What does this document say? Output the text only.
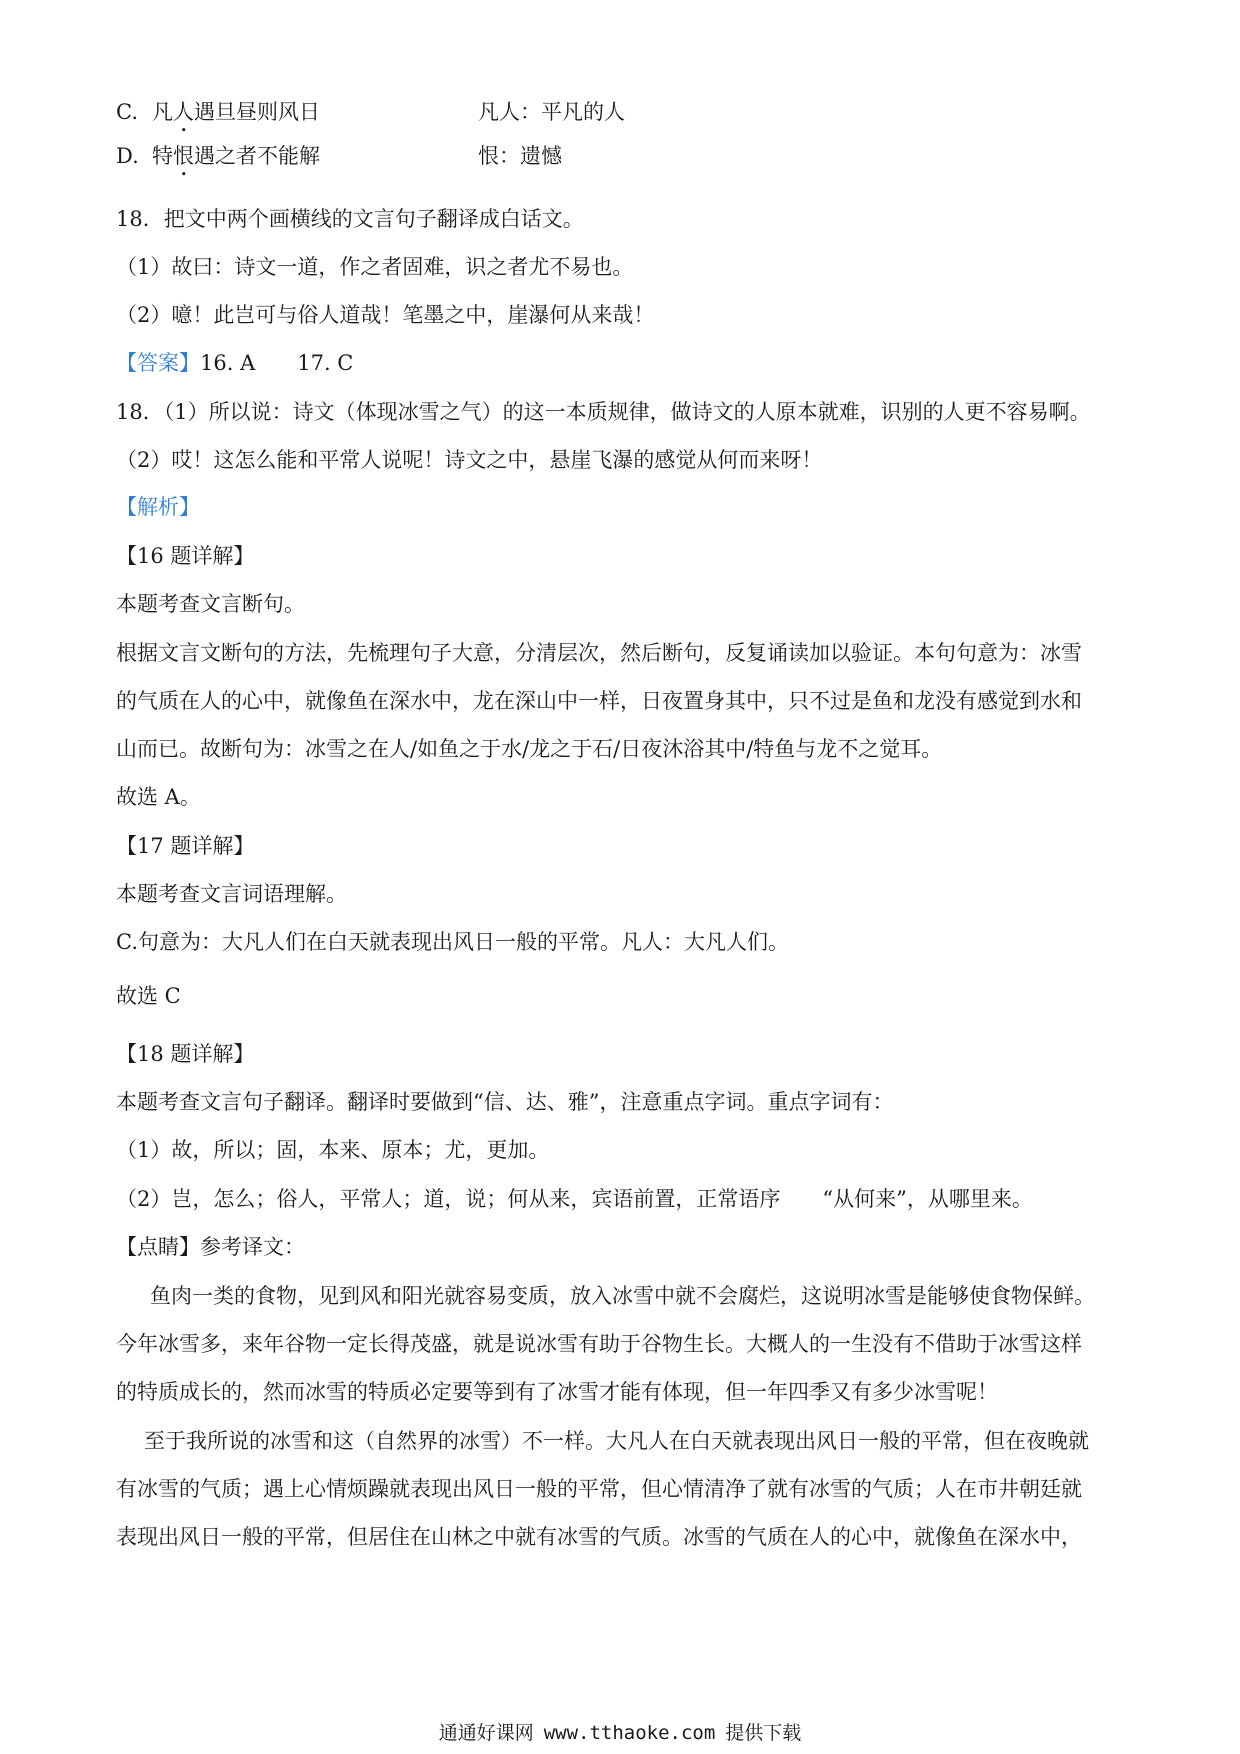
C. 凡人遇旦昼则风日	凡人：平凡的人
D. 特恨遇之者不能解	恨：遗憾
18．把文中两个画横线的文言句子翻译成白话文。
（1）故曰：诗文一道，作之者固难，识之者尤不易也。
（2）噫！此岂可与俗人道哉！笔墨之中，崖瀑何从来哉！
【答案】16. A　　17. C
18．（1）所以说：诗文（体现冰雪之气）的这一本质规律，做诗文的人原本就难，识别的人更不容易啊。
（2）哎！这怎么能和平常人说呢！诗文之中，悬崖飞瀑的感觉从何而来呀！
【解析】
【16 题详解】
本题考查文言断句。
根据文言文断句的方法，先梳理句子大意，分清层次，然后断句，反复诵读加以验证。本句句意为：冰雪
的气质在人的心中，就像鱼在深水中，龙在深山中一样，日夜置身其中，只不过是鱼和龙没有感觉到水和
山而已。故断句为：冰雪之在人/如鱼之于水/龙之于石/日夜沐浴其中/特鱼与龙不之觉耳。
故选 A。
【17 题详解】
本题考查文言词语理解。
C.句意为：大凡人们在白天就表现出风日一般的平常。凡人：大凡人们。
故选 C
【18 题详解】
本题考查文言句子翻译。翻译时要做到“信、达、雅”，注意重点字词。重点字词有：
（1）故，所以；固，本来、原本；尤，更加。
（2）岂，怎么；俗人，平常人；道，说；何从来，宾语前置，正常语序　　“从何来”，从哪里来。
【点睛】参考译文：
鱼肉一类的食物，见到风和阳光就容易变质，放入冰雪中就不会腐烂，这说明冰雪是能够使食物保鲜。
今年冰雪多，来年谷物一定长得茂盛，就是说冰雪有助于谷物生长。大概人的一生没有不借助于冰雪这样
的特质成长的，然而冰雪的特质必定要等到有了冰雪才能有体现，但一年四季又有多少冰雪呢！
至于我所说的冰雪和这（自然界的冰雪）不一样。大凡人在白天就表现出风日一般的平常，但在夜晚就
有冰雪的气质；遇上心情烦躁就表现出风日一般的平常，但心情清净了就有冰雪的气质；人在市井朝廷就
表现出风日一般的平常，但居住在山林之中就有冰雪的气质。冰雪的气质在人的心中，就像鱼在深水中，
通通好课网 www.tthaoke.com 提供下载
